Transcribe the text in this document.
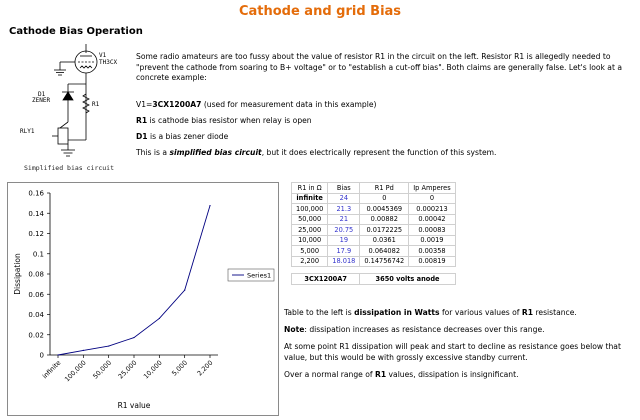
Cathode and grid Bias
Cathode Bias Operation
V1
TH3CX
D1
ZENER
R1
RLY1
Simplified bias circuit
Some radio amateurs are too fussy about the value of resistor R1 in the circuit on the left. Resistor R1 is allegedly needed to "prevent the cathode from soaring to B+ voltage" or to "establish a cut-off bias". Both claims are generally false. Let's look at a concrete example:
V1=3CX1200A7 (used for measurement data in this example)
R1 is cathode bias resistor when relay is open
D1 is a bias zener diode
This is a simplified bias circuit, but it does electrically represent the function of this system.
0
0.02
0.04
0.06
0.08
0.1
0.12
0.14
0.16
infinite 100,000 50,000 25,000 10,000 5,000 2,200
R1 value
Dissipation	Series1
R1 in Ω	Bias	R1 Pd	Ip Amperes
infinite	24	0	0
100,000	21.3	0.0045369	0.000213
50,000	21	0.00882	0.00042
25,000	20.75	0.0172225	0.00083
10,000	19	0.0361	0.0019
5,000	17.9	0.064082	0.00358
2,200	18.018	0.14756742	0.00819

3CX1200A7		3650 volts anode	
Table to the left is dissipation in Watts for various values of R1 resistance.
Note: dissipation increases as resistance decreases over this range.
At some point R1 dissipation will peak and start to decline as resistance goes below that value, but this would be with grossly excessive standby current.
Over a normal range of R1 values, dissipation is insignificant.
